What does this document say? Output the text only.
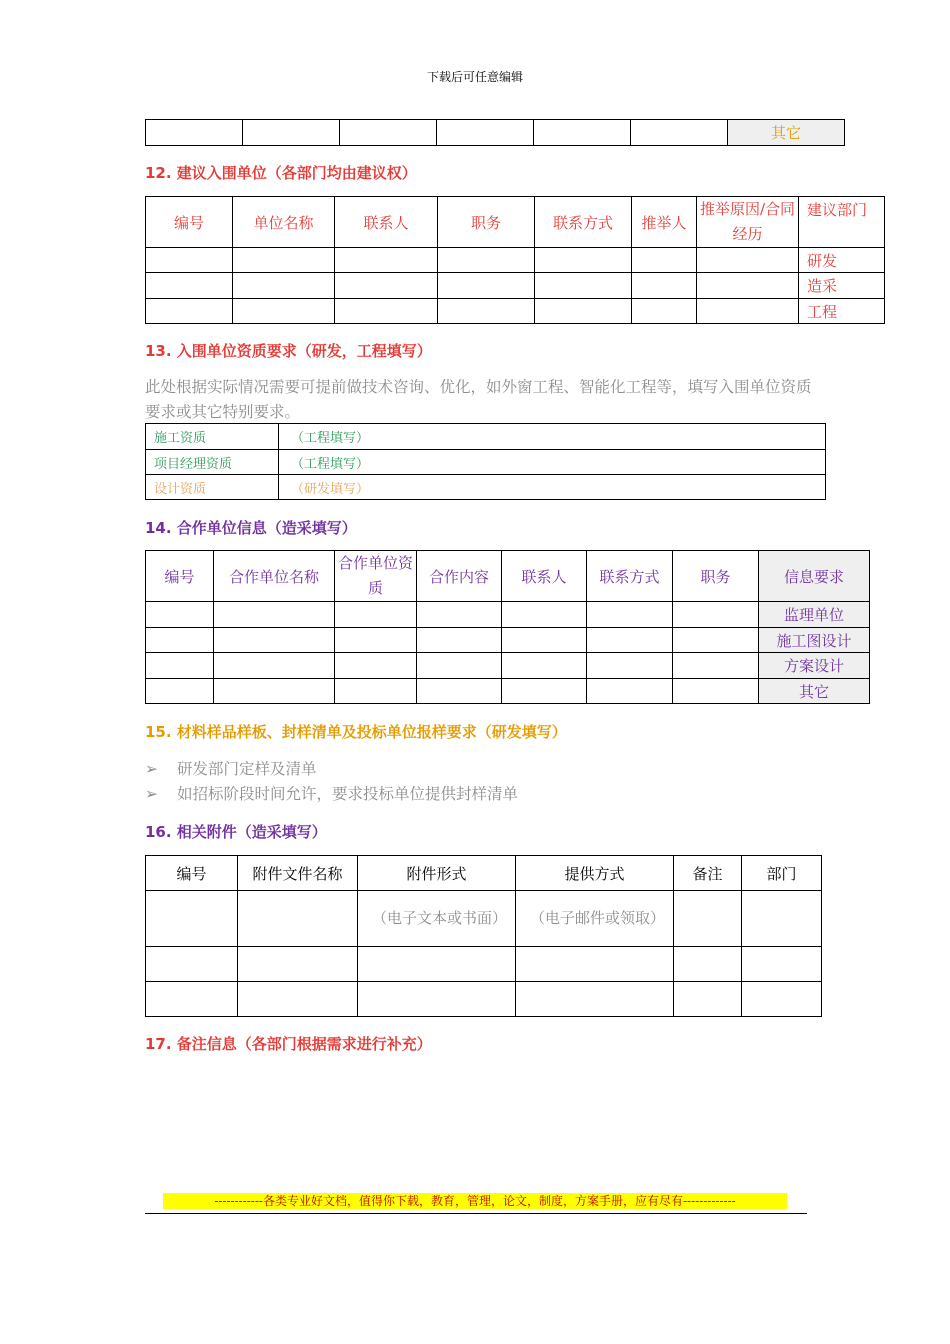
下载后可任意编辑
						其它
12. 建议入围单位（各部门均由建议权）
编号	单位名称	联系人	职务	联系方式	推举人	推举原因/合同经历	建议部门
							研发
							造采
							工程
13. 入围单位资质要求（研发，工程填写）
此处根据实际情况需要可提前做技术咨询、优化，如外窗工程、智能化工程等，填写入围单位资质要求或其它特别要求。
施工资质	（工程填写）
项目经理资质	（工程填写）
设计资质	（研发填写）
14. 合作单位信息（造采填写）
编号	合作单位名称	合作单位资质	合作内容	联系人	联系方式	职务	信息要求
							监理单位
							施工图设计
							方案设计
							其它
15. 材料样品样板、封样清单及投标单位报样要求（研发填写）
➢ 研发部门定样及清单
➢ 如招标阶段时间允许，要求投标单位提供封样清单
16. 相关附件（造采填写）
编号	附件文件名称	附件形式	提供方式	备注	部门
		（电子文本或书面）	（电子邮件或领取）		

17. 备注信息（各部门根据需求进行补充）
------------各类专业好文档，值得你下载，教育，管理，论文，制度，方案手册，应有尽有-------------
